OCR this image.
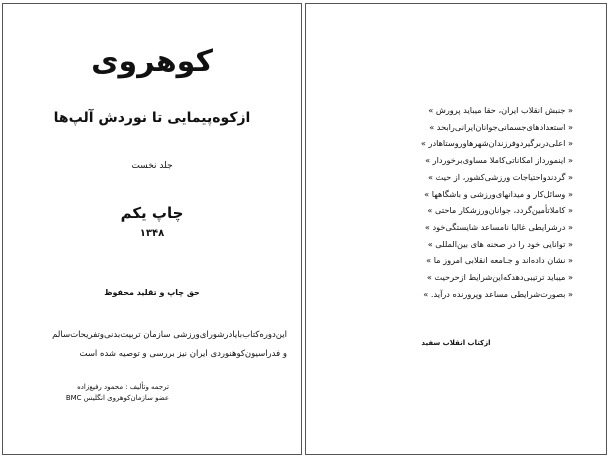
کوهروی
ازکوه‌پیمایی تا نوردش آلپ‌ها
جلد نخست
چاپ یکم
۱۳۴۸
حق چاپ و تقلید محفوظ
این‌دوره‌کتاب‌با‌یادرشورای‌ورزشی سازمان تربیت‌بدنی‌و‌تفریحات‌سالم
و فدراسیون‌کوهنوردی ایران نیز بررسی و توصیه شده است
ترجمه و‌تألیف : محمود رفیع‌زاده
عضو سازمان‌کوهروی انگلیس BMC
« جنبش انقلاب ایران، حقا میباید پرورش »
« استعدادهای‌جسمانی‌جوانان‌ایرانی‌را‌بحد »
« اعلی‌دربرگیرد‌و‌فرزندان‌شهرها‌و‌روستاها‌در »
« اینمورد‌از امکاناتی‌کاملا مساوی‌برخوردار »
« گردند‌واحتیاجات ورزشی‌کشور، از حیث »
« وسائل‌کار و میدانهای‌ورزشی و باشگاهها »
« کاملاتأمین‌گردد، جوانان‌ورزشکار ماحتی »
« درشرایطی غالبا نامساعد شایستگی‌خود »
« توانایی خود را در صحنه های بین‌المللی »
« نشان داده‌اند و جـامعه انقلابی امروز ما »
« میباید ترتیبی‌دهدکه‌این‌شرایط ازحرحیث »
« بصورت‌شرایطی مساعد وپرورنده درآید. »
ازکتاب انقلاب سفید
